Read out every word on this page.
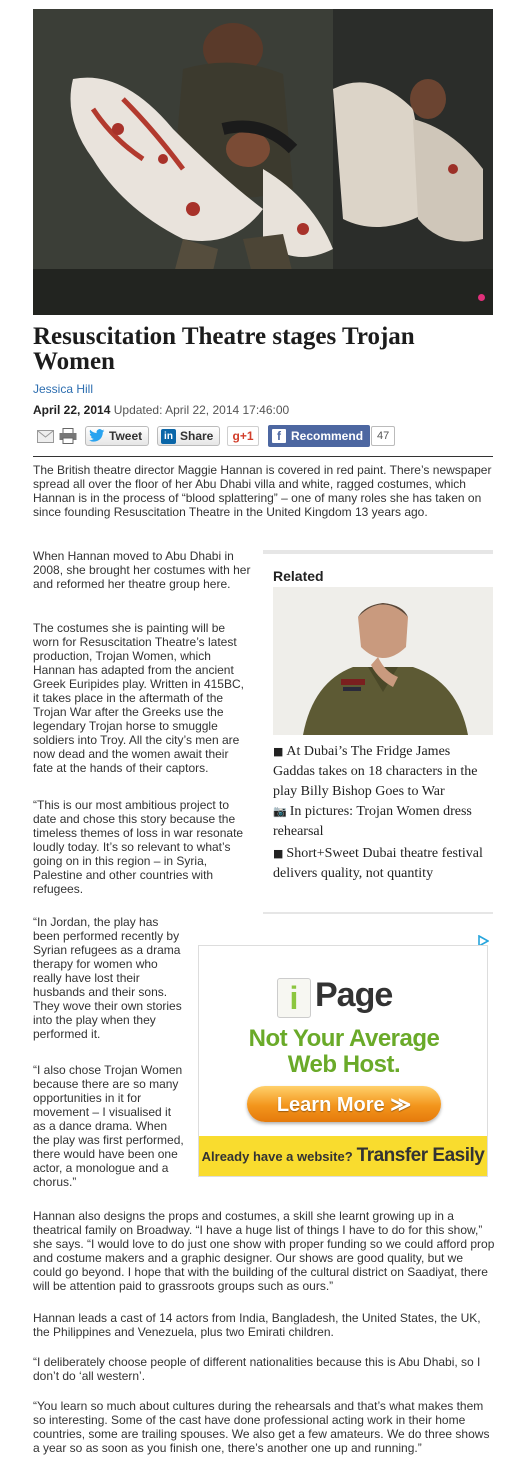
Resuscitation Theatre stages Trojan Women
Jessica Hill
April 22, 2014 Updated: April 22, 2014 17:46:00
Tweet	in Share	g+1	f Recommend	47

The British theatre director Maggie Hannan is covered in red paint. There’s newspaper spread all over the floor of her Abu Dhabi villa and white, ragged costumes, which Hannan is in the process of “blood splattering” – one of many roles she has taken on since founding Resuscitation Theatre in the United Kingdom 13 years ago.

When Hannan moved to Abu Dhabi in 2008, she brought her costumes with her and reformed her theatre group here.

The costumes she is painting will be worn for Resuscitation Theatre’s latest production, Trojan Women, which Hannan has adapted from the ancient Greek Euripides play. Written in 415BC, it takes place in the aftermath of the Trojan War after the Greeks use the legendary Trojan horse to smuggle soldiers into Troy. All the city’s men are now dead and the women await their fate at the hands of their captors.

“This is our most ambitious project to date and chose this story because the timeless themes of loss in war resonate loudly today. It’s so relevant to what’s going on in this region – in Syria, Palestine and other countries with refugees.

“In Jordan, the play has been performed recently by Syrian refugees as a drama therapy for women who really have lost their husbands and their sons. They wove their own stories into the play when they performed it.

“I also chose Trojan Women because there are so many opportunities in it for movement – I visualised it as a dance drama. When the play was first performed, there would have been one actor, a monologue and a chorus.”

Hannan also designs the props and costumes, a skill she learnt growing up in a theatrical family on Broadway. “I have a huge list of things I have to do for this show,” she says. “I would love to do just one show with proper funding so we could afford prop and costume makers and a graphic designer. Our shows are good quality, but we could go beyond. I hope that with the building of the cultural district on Saadiyat, there will be attention paid to grassroots groups such as ours.”

Hannan leads a cast of 14 actors from India, Bangladesh, the United States, the UK, the Philippines and Venezuela, plus two Emirati children.

“I deliberately choose people of different nationalities because this is Abu Dhabi, so I don’t do ‘all western’.

“You learn so much about cultures during the rehearsals and that’s what makes them so interesting. Some of the cast have done professional acting work in their home countries, some are trailing spouses. We also get a few amateurs. We do three shows a year so as soon as you finish one, there’s another one up and running.”

Related
■ At Dubai’s The Fridge James Gaddas takes on 18 characters in the play Billy Bishop Goes to War
📷 In pictures: Trojan Women dress rehearsal
■ Short+Sweet Dubai theatre festival delivers quality, not quantity
i Page
Not Your Average
Web Host.
Learn More ≫
Already have a website? Transfer Easily
